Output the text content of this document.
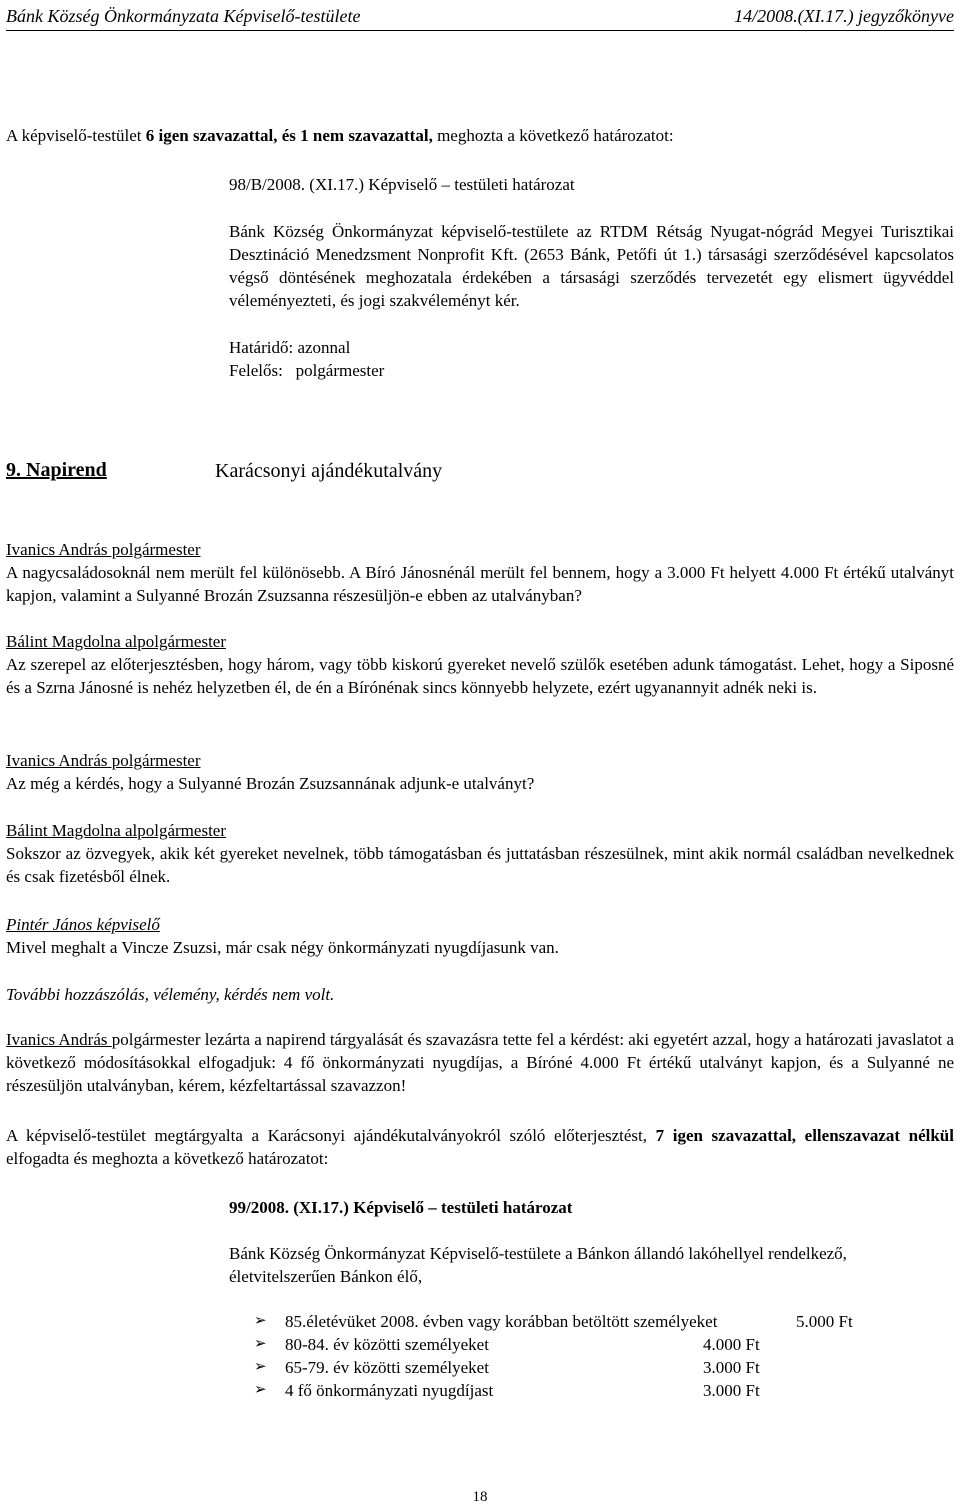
Bánk Község Önkormányzata Képviselő-testülete	14/2008.(XI.17.) jegyzőkönyve
A képviselő-testület 6 igen szavazattal, és 1 nem szavazattal, meghozta a következő határozatot:
98/B/2008. (XI.17.) Képviselő – testületi határozat
Bánk Község Önkormányzat képviselő-testülete az RTDM Rétság Nyugat-nógrád Megyei Turisztikai Desztináció Menedzsment Nonprofit Kft. (2653 Bánk, Petőfi út 1.) társasági szerződésével kapcsolatos végső döntésének meghozatala érdekében a társasági szerződés tervezetét egy elismert ügyvéddel véleményezteti, és jogi szakvéleményt kér.
Határidő: azonnal
Felelős:   polgármester
9. Napirend	Karácsonyi ajándékutalvány
Ivanics András polgármester
A nagycsaládosoknál nem merült fel különösebb. A Bíró Jánosnénál merült fel bennem, hogy a 3.000 Ft helyett 4.000 Ft értékű utalványt kapjon, valamint a Sulyanné Brozán Zsuzsanna részesüljön-e ebben az utalványban?
Bálint Magdolna alpolgármester
Az szerepel az előterjesztésben, hogy három, vagy több kiskorú gyereket nevelő szülők esetében adunk támogatást. Lehet, hogy a Siposné és a Szrna Jánosné is nehéz helyzetben él, de én a Bírónénak sincs könnyebb helyzete, ezért ugyanannyit adnék neki is.
Ivanics András polgármester
Az még a kérdés, hogy a Sulyanné Brozán Zsuzsannának adjunk-e utalványt?
Bálint Magdolna alpolgármester
Sokszor az özvegyek, akik két gyereket nevelnek, több támogatásban és juttatásban részesülnek, mint akik normál családban nevelkednek és csak fizetésből élnek.
Pintér János képviselő
Mivel meghalt a Vincze Zsuzsi, már csak négy önkormányzati nyugdíjasunk van.
További hozzászólás, vélemény, kérdés nem volt.
Ivanics András polgármester lezárta a napirend tárgyalását és szavazásra tette fel a kérdést: aki egyetért azzal, hogy a határozati javaslatot a következő módosításokkal elfogadjuk: 4 fő önkormányzati nyugdíjas, a Bíróné 4.000 Ft értékű utalványt kapjon, és a Sulyanné ne részesüljön utalványban, kérem, kézfeltartással szavazzon!
A képviselő-testület megtárgyalta a Karácsonyi ajándékutalványokról szóló előterjesztést, 7 igen szavazattal, ellenszavazat nélkül elfogadta és meghozta a következő határozatot:
99/2008. (XI.17.) Képviselő – testületi határozat
Bánk Község Önkormányzat Képviselő-testülete a Bánkon állandó lakóhellyel rendelkező, életvitelszerűen Bánkon élő,
➢ 85.életévüket 2008. évben vagy korábban betöltött személyeket	5.000 Ft
➢ 80-84. év közötti személyeket	4.000 Ft
➢ 65-79. év közötti személyeket	3.000 Ft
➢ 4 fő önkormányzati nyugdíjast	3.000 Ft
18
